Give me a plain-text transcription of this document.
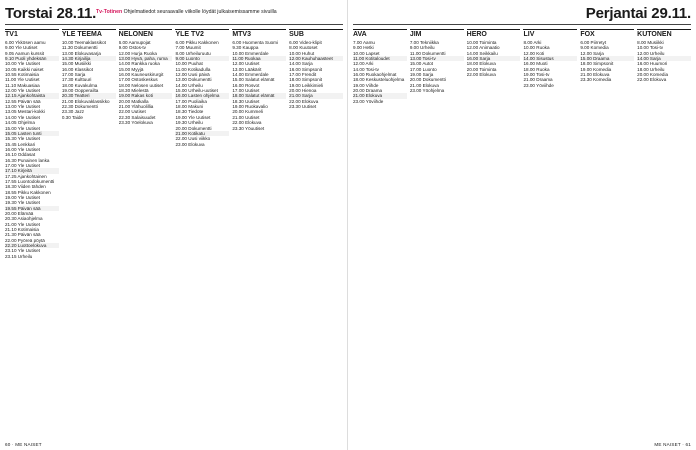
Torstai 28.11. Tv-Totinen Ohjelmatiedot seuraavalle viikolle löydät julkaisemissamme sivuilla
TV1
6.00 Ykkösen aamu
9.00 Yle Uutiset
9.05 Aamun kurssit
9.10 Puoli yhdeksän
10.00 Yle Uutiset
10.05 Kaikki naiset
10.55 Kotimaisia
11.00 Yle Uutiset
11.10 Makuasiaa
12.00 Yle Uutiset
12.15 Ajankohtaista
12.55 Päivän sää
13.00 Yle Uutiset
13.05 Mestari-kokki
14.00 Yle Uutiset
14.05 Ohjelma
15.00 Yle Uutiset
15.05 Lasten tunti
15.30 Yle Uutiset
15.45 Lenkkari
16.00 Yle Uutiset
16.10 Oddasat
16.30 Punainen lanka
17.00 Yle Uutiset
17.10 Kirjeitä
17.25 Ajankohtainen
17.55 Luontodokumentti
18.30 Viiden tähden
18.55 Pikku Kakkonen
19.00 Yle Uutiset
19.30 Yle Uutiset
19.55 Päivän sää
20.00 Elämää
20.30 Asiaohjelma
21.00 Yle Uutiset
21.10 Kotimaisia
21.30 Päivän sää
22.00 Pyöreä pöytä
22.20 Luottoelokuva
23.10 Yle Uutiset
23.15 Urheilu
YLE TEEMA
10.00 Teemaklassikot
11.30 Dokumentti
13.00 Elokuvasarja
14.30 Kirjailija
15.00 Musiikki
16.00 Klassikot
17.00 Sarja
17.30 Kulttuuri
18.00 Kuvakulma
19.00 Oopperailta
20.30 Teatteri
21.00 Elokuvaklassikko
22.30 Dokumentti
23.30 Jazz
0.30 Taide
NELONEN
6.00 Aamupojat
9.00 Ostos-tv
12.00 Hurja Ruoka
13.00 Hyvä, paha, ruma
14.00 Rankka ruoka
15.00 Myyjä
16.00 Kauneuskirurgit
17.00 Ostoskeskus
18.00 Nelosen uutiset
18.30 Mielestä
19.00 Rakas koti
20.00 Matkalla
21.00 Ylähuolillia
22.00 Uutiset
22.30 Salaisuudet
23.30 Yöelokuva
YLE TV2
6.00 Pikku Kakkonen
7.00 Muumit
8.00 Urheiluruutu
9.00 Luonto
10.00 Puuhat
11.00 Kotikadulla
12.00 Uusi päivä
13.00 Dokumentti
14.00 Urheilu
15.00 Urheilu-uutiset
16.00 Lasten ohjelma
17.00 Puoliaika
18.00 Makuni
18.30 Tiedote
19.00 Yle Uutiset
19.30 Urheilu
20.00 Dokumentti
21.00 Kotikatu
22.00 Uusi viikko
23.00 Elokuva
MTV3
6.00 Huomenta Suomi
9.30 Kauppa
10.00 Emmerdale
11.00 Ruokaa
12.00 Uutiset
13.00 Lääkärit
14.00 Emmerdale
15.00 Salatut elämät
16.00 Rosvot
17.00 Uutiset
18.00 Salatut elämät
18.30 Uutiset
19.00 Ruokavalio
20.00 Kummeli
21.00 Uutiset
22.00 Elokuva
23.30 Yöuutiset
SUB
6.00 Video-klipit
8.00 Kuutoset
10.00 Huhut
12.00 Kauhuhaasteet
14.00 Sarja
16.00 Simpsonit
17.00 Frendit
18.00 Simpsonit
19.00 Leikkimieli
20.00 Hienoa
21.00 Sarja
22.00 Elokuva
23.30 Uutiset
60 · ME NAISET
Perjantai 29.11.
AVA
7.00 Aamu
9.00 Hetki
10.00 Lapset
11.00 Kotitaloudet
12.00 Arki
14.00 Tosi-tv
16.00 Ruokaohjelmat
18.00 Keskusteluohjelma
19.00 Viihde
20.00 Draama
21.00 Elokuva
23.00 Yöviihde
JIM
7.00 Tekniikka
9.00 Urheilu
11.00 Dokumentti
13.00 Tosi-tv
15.00 Autot
17.00 Luonto
19.00 Sarja
20.00 Dokumentti
21.00 Elokuva
23.00 Yöohjelma
HERO
10.00 Toiminta
12.00 Animaatio
14.00 Seikkailu
16.00 Sarja
18.00 Elokuva
20.00 Toiminta
22.00 Elokuva
LIV
8.00 Arki
10.00 Ruoka
12.00 Koti
14.00 Sisustus
16.00 Muoti
18.00 Ruoka
19.00 Tosi-tv
21.00 Draama
23.00 Yöviihde
FOX
6.00 Piirretyt
9.00 Komedia
12.00 Sarja
15.00 Draama
18.00 Simpsonit
19.00 Komedia
21.00 Elokuva
23.30 Komedia
KUTONEN
8.00 Musiikki
10.00 Tosi-tv
12.00 Urheilu
14.00 Sarja
16.00 Huumori
18.00 Urheilu
20.00 Komedia
22.00 Elokuva
ME NAISET · 61
